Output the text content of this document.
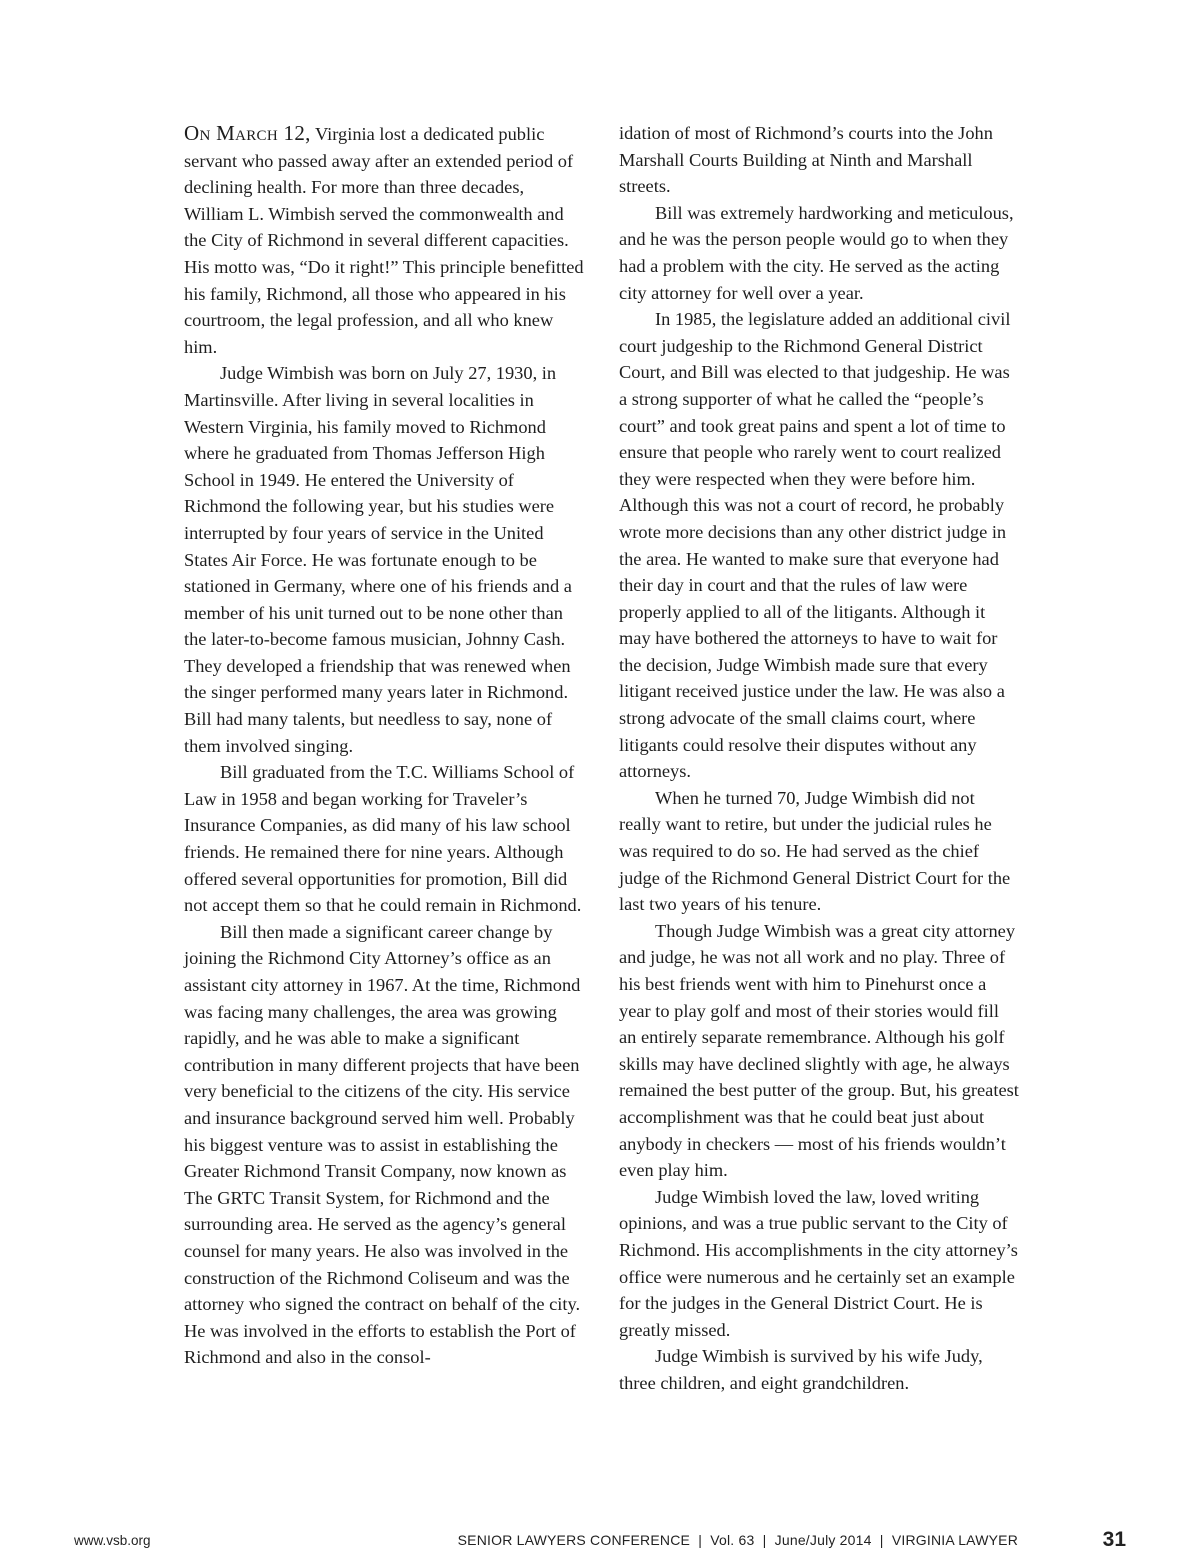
On March 12, Virginia lost a dedicated public servant who passed away after an extended period of declining health. For more than three decades, William L. Wimbish served the commonwealth and the City of Richmond in several different capacities. His motto was, “Do it right!” This principle benefitted his family, Richmond, all those who appeared in his courtroom, the legal profession, and all who knew him.

Judge Wimbish was born on July 27, 1930, in Martinsville. After living in several localities in Western Virginia, his family moved to Richmond where he graduated from Thomas Jefferson High School in 1949. He entered the University of Richmond the following year, but his studies were interrupted by four years of service in the United States Air Force. He was fortunate enough to be stationed in Germany, where one of his friends and a member of his unit turned out to be none other than the later-to-become famous musician, Johnny Cash. They developed a friendship that was renewed when the singer performed many years later in Richmond. Bill had many talents, but needless to say, none of them involved singing.

Bill graduated from the T.C. Williams School of Law in 1958 and began working for Traveler’s Insurance Companies, as did many of his law school friends. He remained there for nine years. Although offered several opportunities for promotion, Bill did not accept them so that he could remain in Richmond.

Bill then made a significant career change by joining the Richmond City Attorney’s office as an assistant city attorney in 1967. At the time, Richmond was facing many challenges, the area was growing rapidly, and he was able to make a significant contribution in many different projects that have been very beneficial to the citizens of the city. His service and insurance background served him well. Probably his biggest venture was to assist in establishing the Greater Richmond Transit Company, now known as The GRTC Transit System, for Richmond and the surrounding area. He served as the agency’s general counsel for many years. He also was involved in the construction of the Richmond Coliseum and was the attorney who signed the contract on behalf of the city. He was involved in the efforts to establish the Port of Richmond and also in the consol-

idation of most of Richmond’s courts into the John Marshall Courts Building at Ninth and Marshall streets.

Bill was extremely hardworking and meticulous, and he was the person people would go to when they had a problem with the city. He served as the acting city attorney for well over a year.

In 1985, the legislature added an additional civil court judgeship to the Richmond General District Court, and Bill was elected to that judgeship. He was a strong supporter of what he called the “people’s court” and took great pains and spent a lot of time to ensure that people who rarely went to court realized they were respected when they were before him. Although this was not a court of record, he probably wrote more decisions than any other district judge in the area. He wanted to make sure that everyone had their day in court and that the rules of law were properly applied to all of the litigants. Although it may have bothered the attorneys to have to wait for the decision, Judge Wimbish made sure that every litigant received justice under the law. He was also a strong advocate of the small claims court, where litigants could resolve their disputes without any attorneys.

When he turned 70, Judge Wimbish did not really want to retire, but under the judicial rules he was required to do so. He had served as the chief judge of the Richmond General District Court for the last two years of his tenure.

Though Judge Wimbish was a great city attorney and judge, he was not all work and no play. Three of his best friends went with him to Pinehurst once a year to play golf and most of their stories would fill an entirely separate remembrance. Although his golf skills may have declined slightly with age, he always remained the best putter of the group. But, his greatest accomplishment was that he could beat just about anybody in checkers — most of his friends wouldn’t even play him.

Judge Wimbish loved the law, loved writing opinions, and was a true public servant to the City of Richmond. His accomplishments in the city attorney’s office were numerous and he certainly set an example for the judges in the General District Court. He is greatly missed.

Judge Wimbish is survived by his wife Judy, three children, and eight grandchildren.

www.vsb.org	SENIOR LAWYERS CONFERENCE  |  Vol. 63  |  June/July 2014  |  VIRGINIA LAWYER	31
